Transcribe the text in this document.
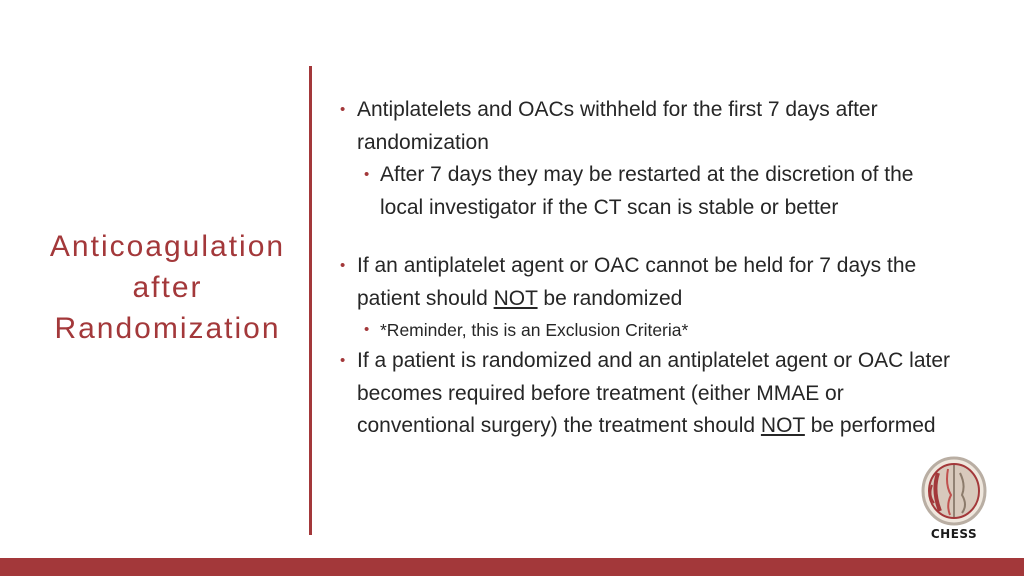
Anticoagulation
after
Randomization
• Antiplatelets and OACs withheld for the first 7 days after randomization
• After 7 days they may be restarted at the discretion of the local investigator if the CT scan is stable or better
• If an antiplatelet agent or OAC cannot be held for 7 days the patient should NOT be randomized
• *Reminder, this is an Exclusion Criteria*
• If a patient is randomized and an antiplatelet agent or OAC later becomes required before treatment (either MMAE or conventional surgery) the treatment should NOT be performed
CHESS
